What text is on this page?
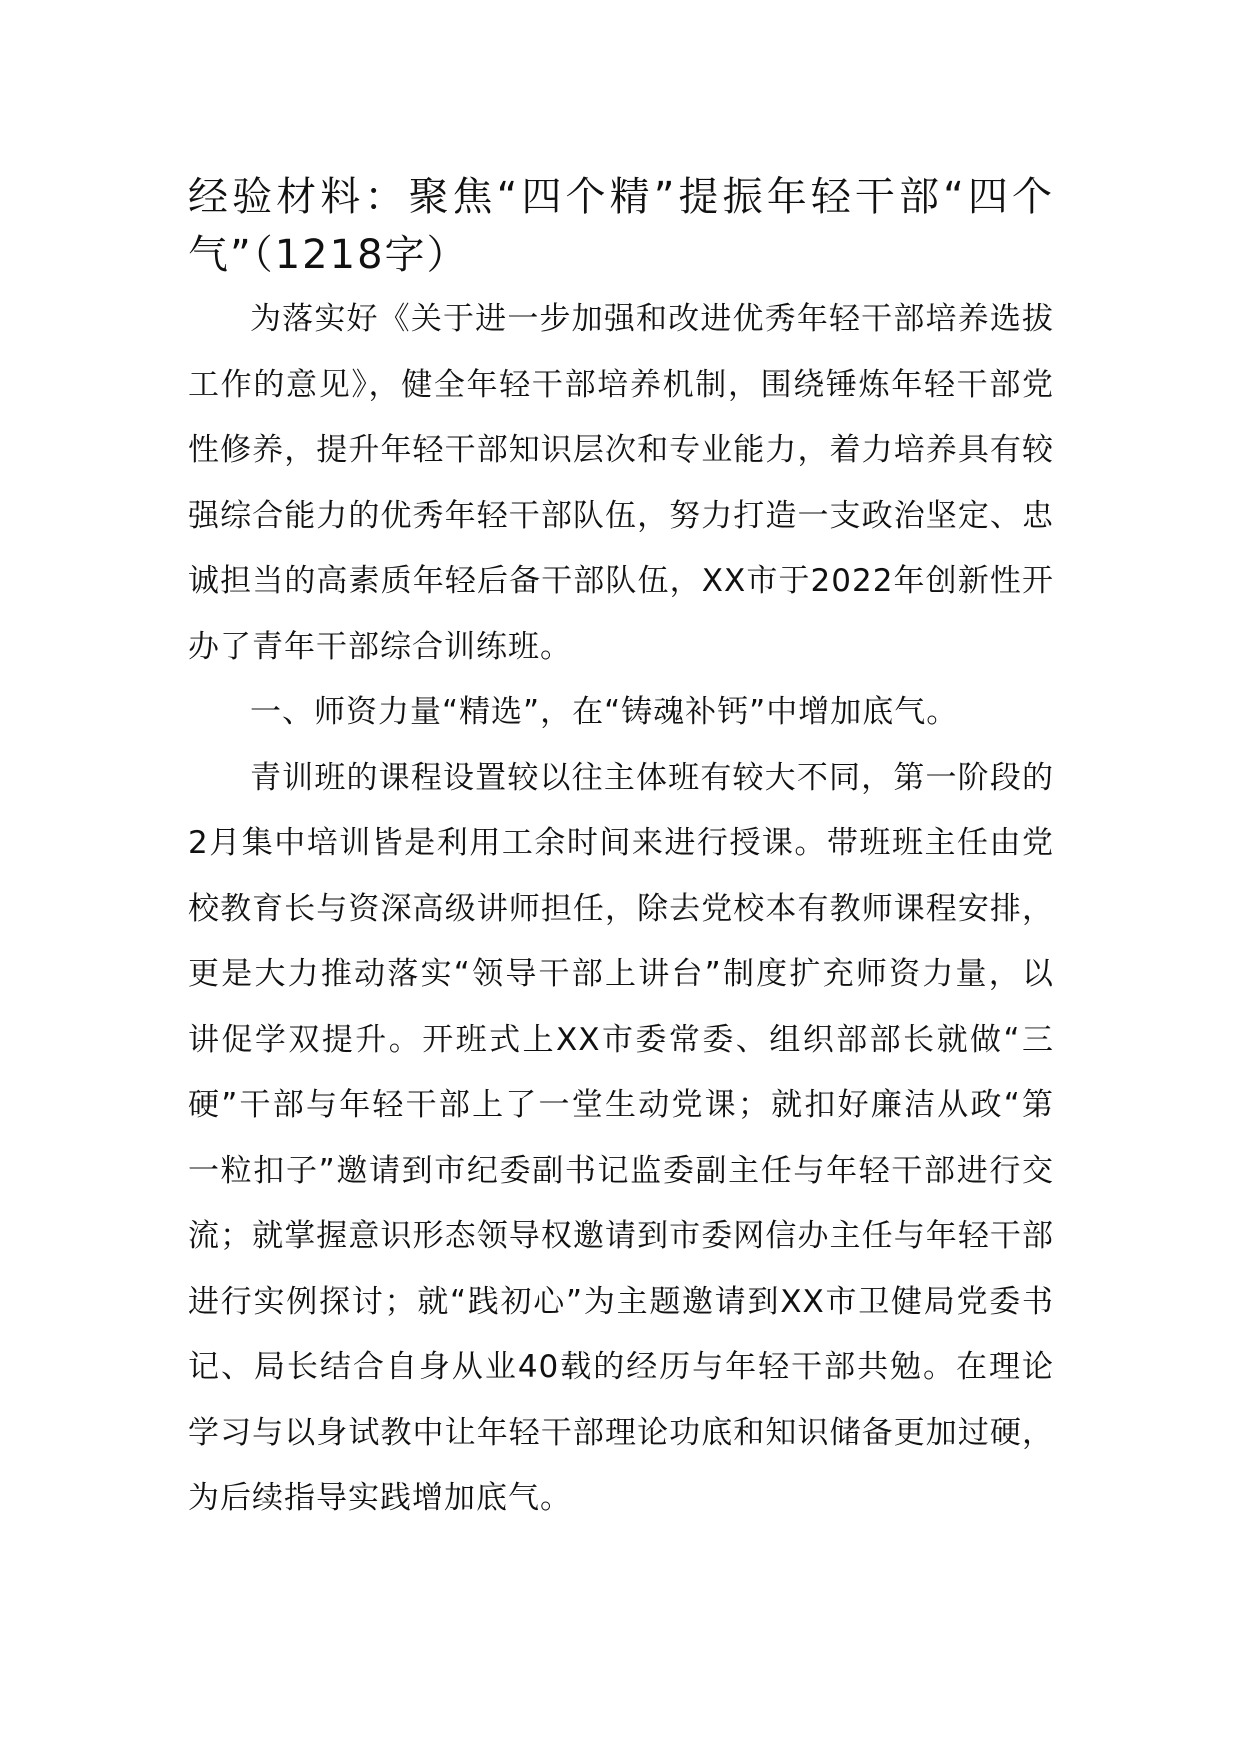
经验材料：聚焦“四个精”提振年轻干部“四个气”（1218字）

为落实好《关于进一步加强和改进优秀年轻干部培养选拔工作的意见》，健全年轻干部培养机制，围绕锤炼年轻干部党性修养，提升年轻干部知识层次和专业能力，着力培养具有较强综合能力的优秀年轻干部队伍，努力打造一支政治坚定、忠诚担当的高素质年轻后备干部队伍，XX市于2022年创新性开办了青年干部综合训练班。

一、师资力量“精选”，在“铸魂补钙”中增加底气。

青训班的课程设置较以往主体班有较大不同，第一阶段的2月集中培训皆是利用工余时间来进行授课。带班班主任由党校教育长与资深高级讲师担任，除去党校本有教师课程安排，更是大力推动落实“领导干部上讲台”制度扩充师资力量，以讲促学双提升。开班式上XX市委常委、组织部部长就做“三硬”干部与年轻干部上了一堂生动党课；就扣好廉洁从政“第一粒扣子”邀请到市纪委副书记监委副主任与年轻干部进行交流；就掌握意识形态领导权邀请到市委网信办主任与年轻干部进行实例探讨；就“践初心”为主题邀请到XX市卫健局党委书记、局长结合自身从业40载的经历与年轻干部共勉。在理论学习与以身试教中让年轻干部理论功底和知识储备更加过硬，为后续指导实践增加底气。
